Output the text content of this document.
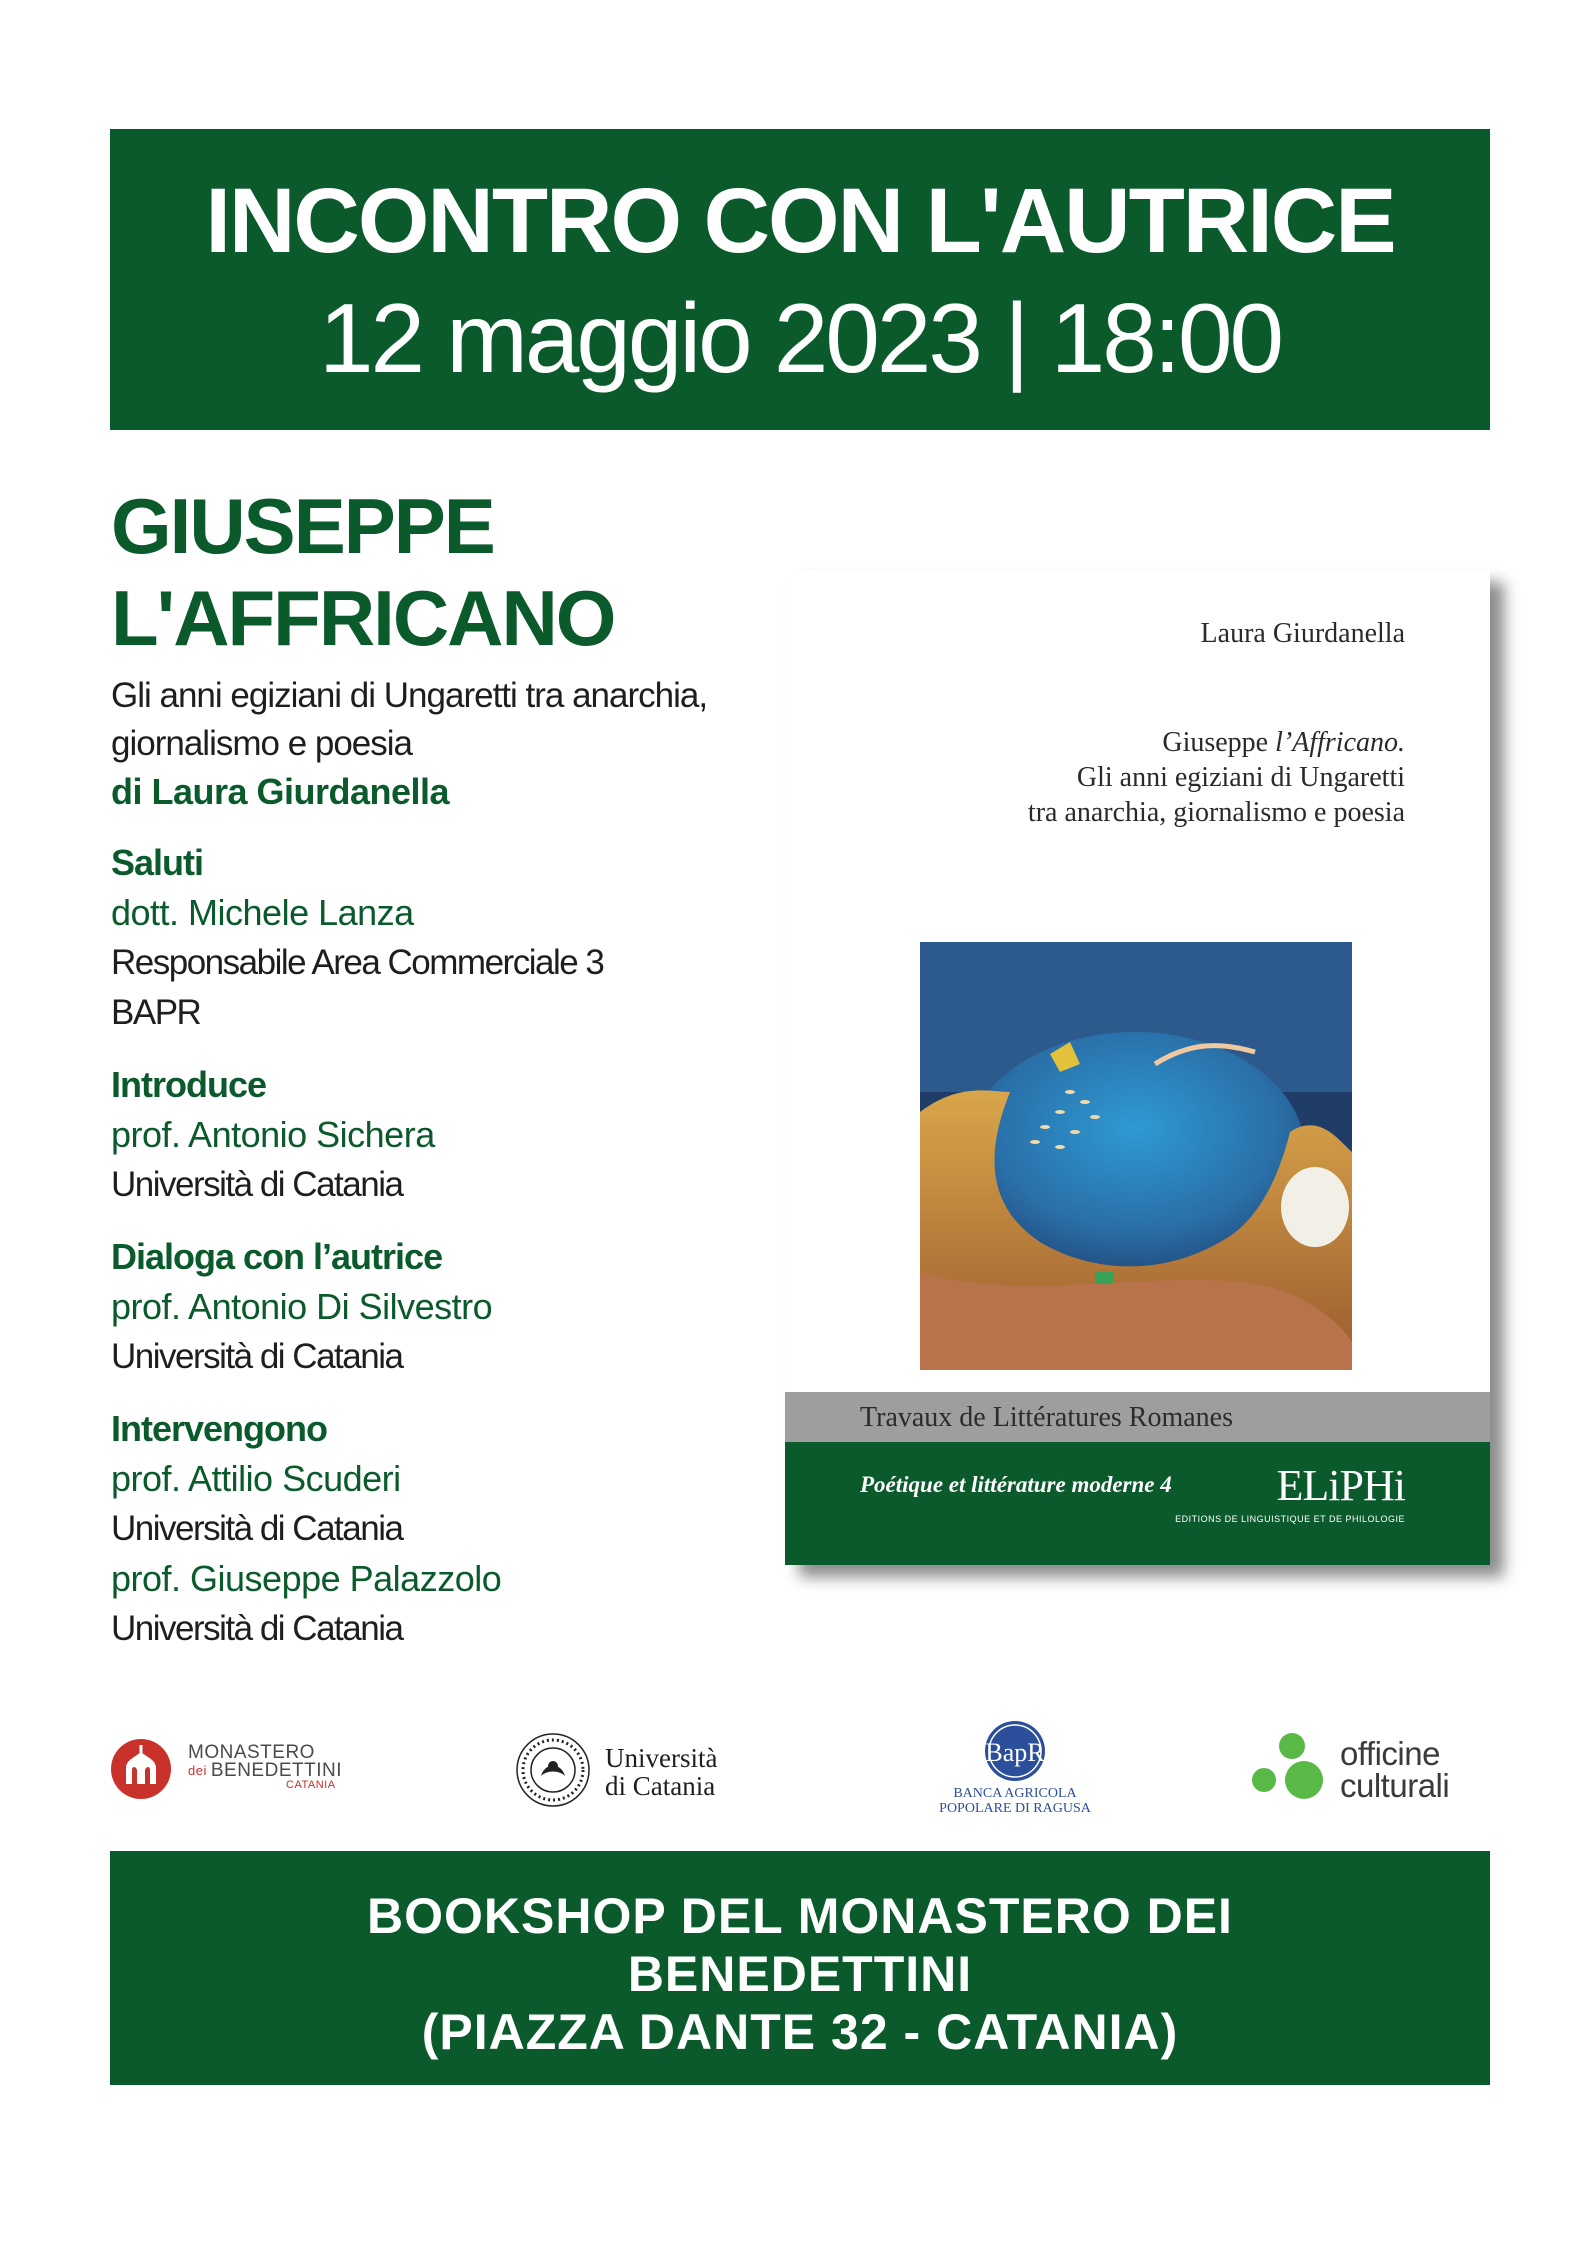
INCONTRO CON L'AUTRICE
12 maggio 2023 | 18:00
GIUSEPPE
L'AFFRICANO
Gli anni egiziani di Ungaretti tra anarchia, giornalismo e poesia
di Laura Giurdanella
Saluti
dott. Michele Lanza
Responsabile Area Commerciale 3
BAPR
Introduce
prof. Antonio Sichera
Università di Catania
Dialoga con l’autrice
prof. Antonio Di Silvestro
Università di Catania
Intervengono
prof. Attilio Scuderi
Università di Catania
prof. Giuseppe Palazzolo
Università di Catania
Laura Giurdanella
Giuseppe l’Affricano.
Gli anni egiziani di Ungaretti
tra anarchia, giornalismo e poesia
Travaux de Littératures Romanes
Poétique et littérature moderne 4 ELiPHi
EDITIONS DE LINGUISTIQUE ET DE PHILOLOGIE
MONASTERO
dei BENEDETTINI
CATANIA
Università
di Catania
BapR
BANCA AGRICOLA
POPOLARE DI RAGUSA
officine
culturali
BOOKSHOP DEL MONASTERO DEI
BENEDETTINI
(PIAZZA DANTE 32 - CATANIA)
